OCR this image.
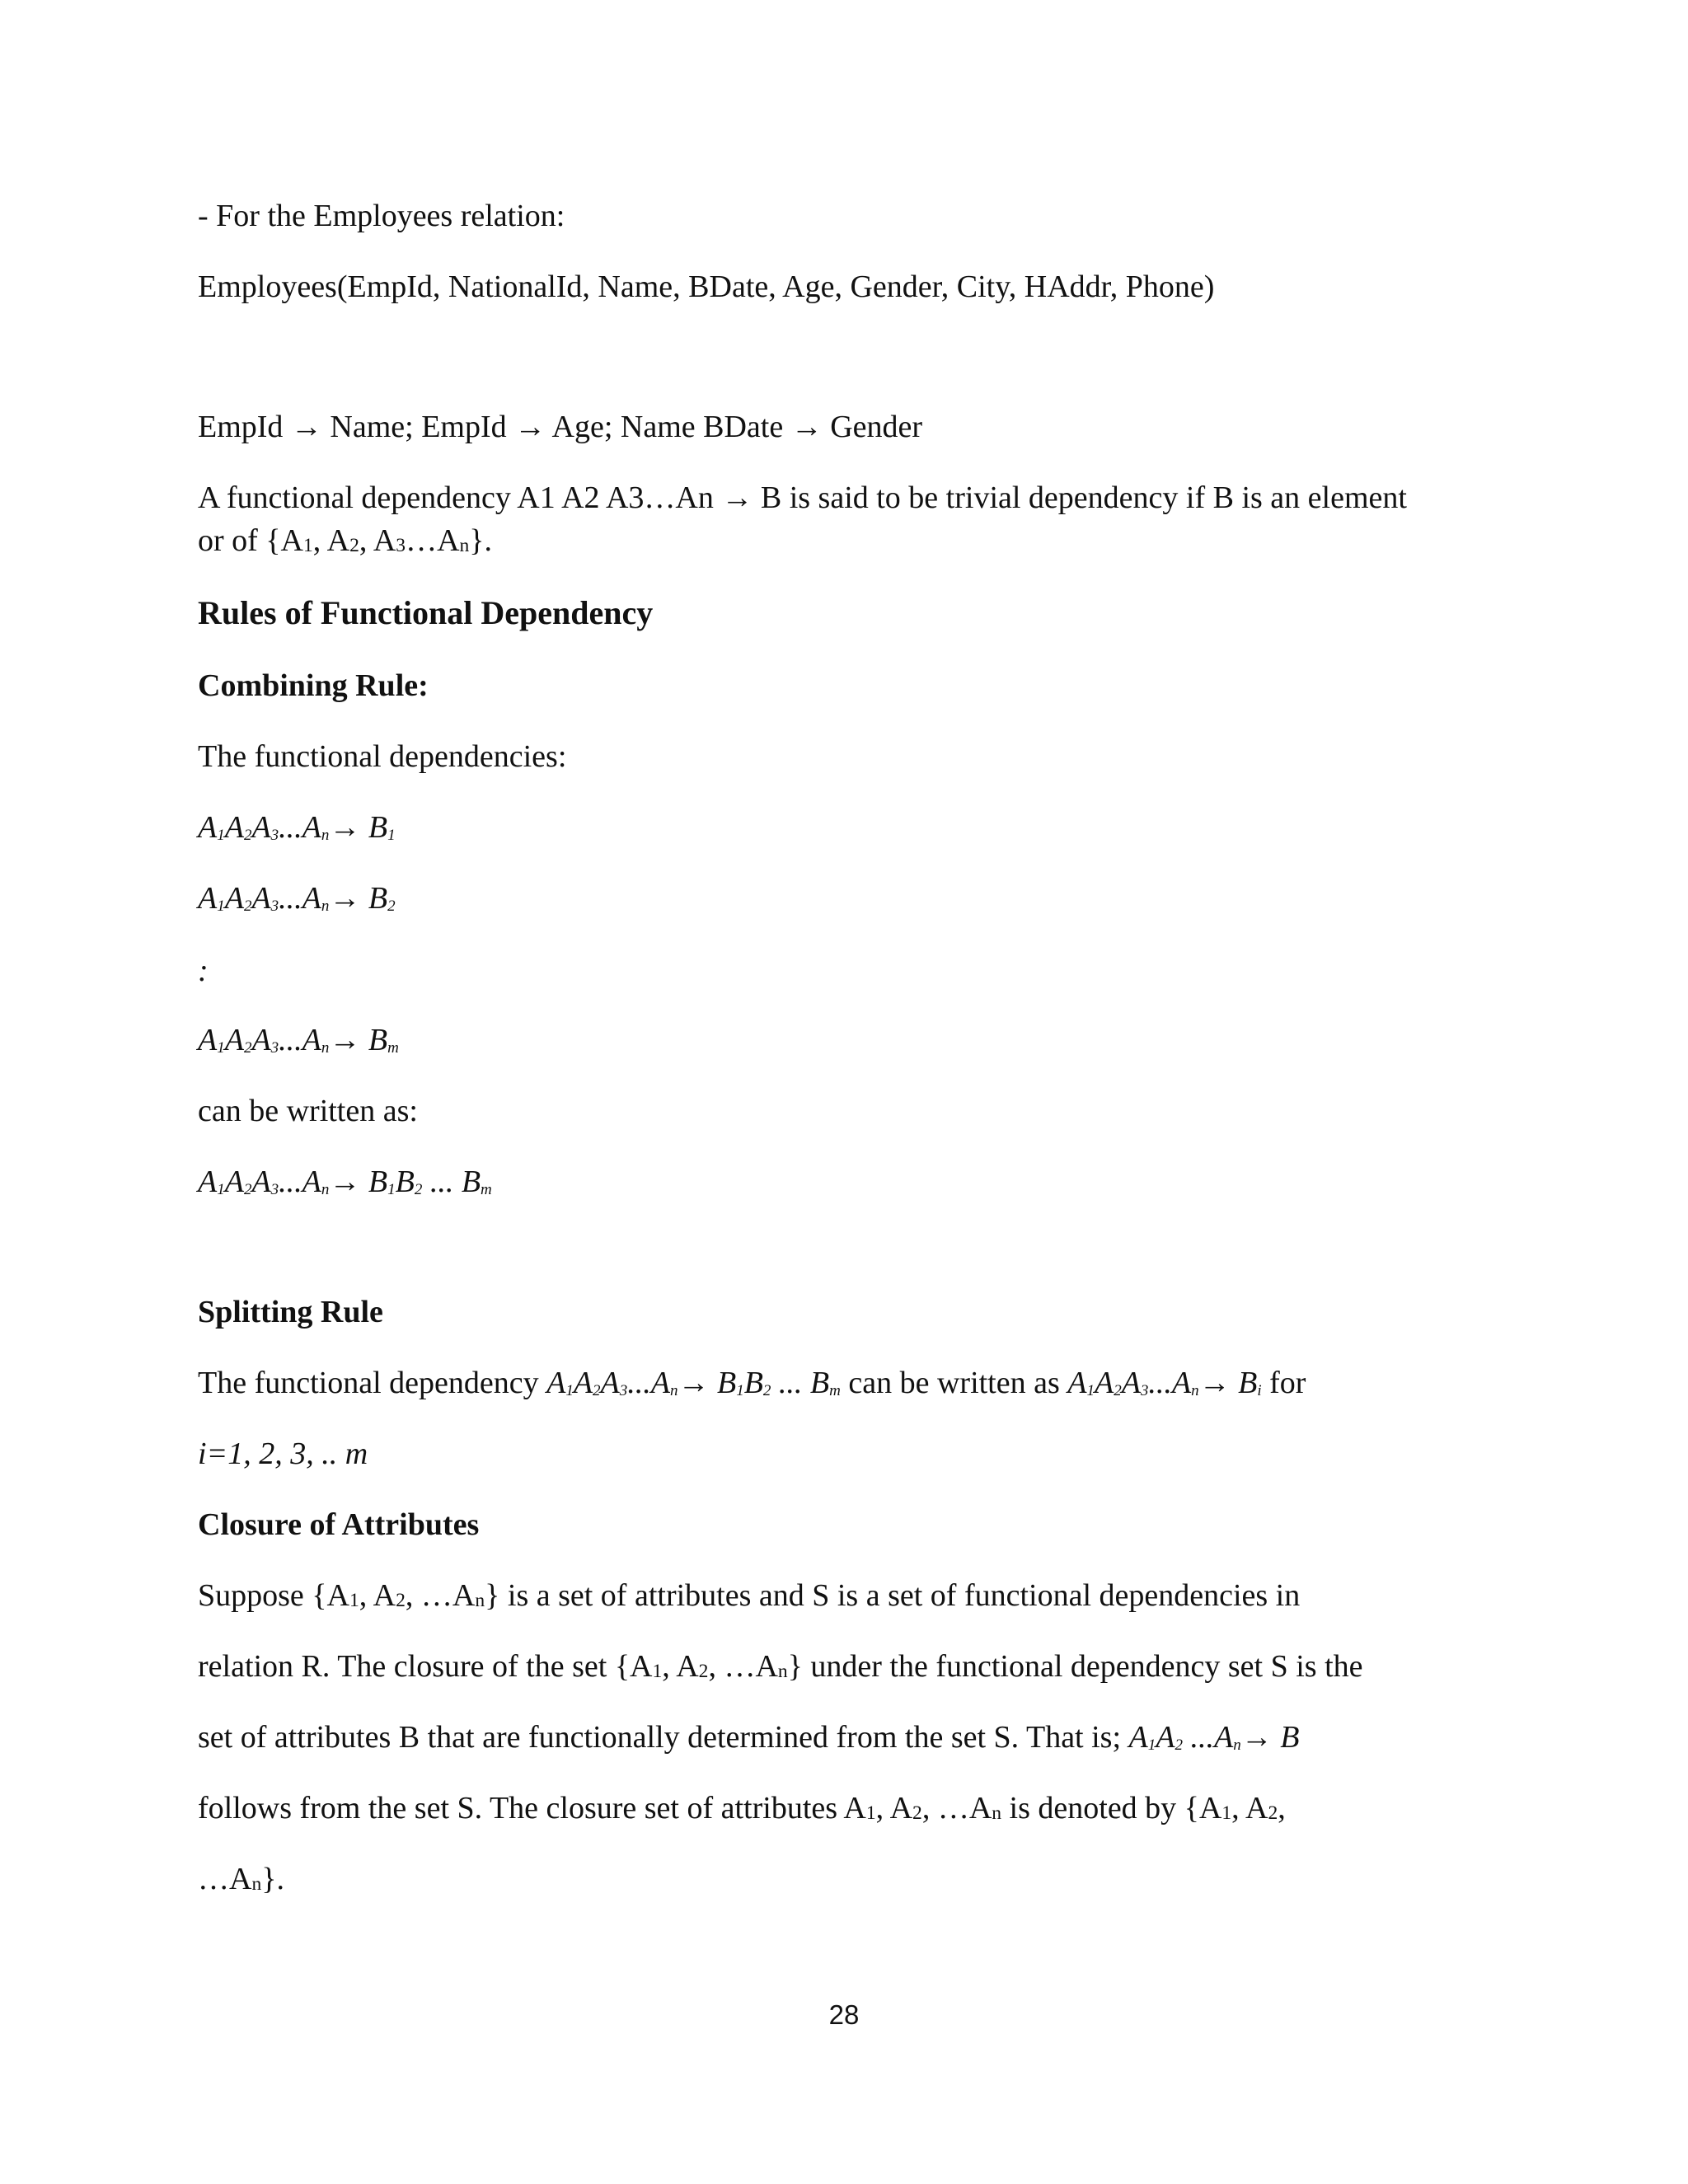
- For the Employees relation:

Employees(EmpId, NationalId, Name, BDate, Age, Gender, City, HAddr, Phone)

EmpId → Name; EmpId → Age; Name BDate → Gender

A functional dependency A1 A2 A3…An → B is said to be trivial dependency if B is an element

or of {$A_1$, $A_2$, $A_3\dots A_n$}.

Rules of Functional Dependency

Combining Rule:

The functional dependencies:

$A_1A_2A_3...A_n\to B_1$

$A_1A_2A_3...A_n\to B_2$

:

$A_1A_2A_3...A_n\to B_m$

can be written as:

$A_1A_2A_3...A_n\to B_1B_2$ ... $B_m$

Splitting Rule

The functional dependency $A_1A_2A_3...A_n\to B_1B_2$ ... $B_m$ can be written as $A_1A_2A_3...A_n\to B_i$ for

i=1, 2, 3, .. m

Closure of Attributes

Suppose {$A_1$, $A_2$, $\dots A_n$} is a set of attributes and S is a set of functional dependencies in

relation R. The closure of the set {$A_1$, $A_2$, $\dots A_n$} under the functional dependency set S is the

set of attributes B that are functionally determined from the set S. That is; $A_1A_2$ $...A_n\to B$

follows from the set S. The closure set of attributes $A_1$, $A_2$, $\dots A_n$ is denoted by {$A_1$, $A_2$,

$\dots A_n$}.

28
